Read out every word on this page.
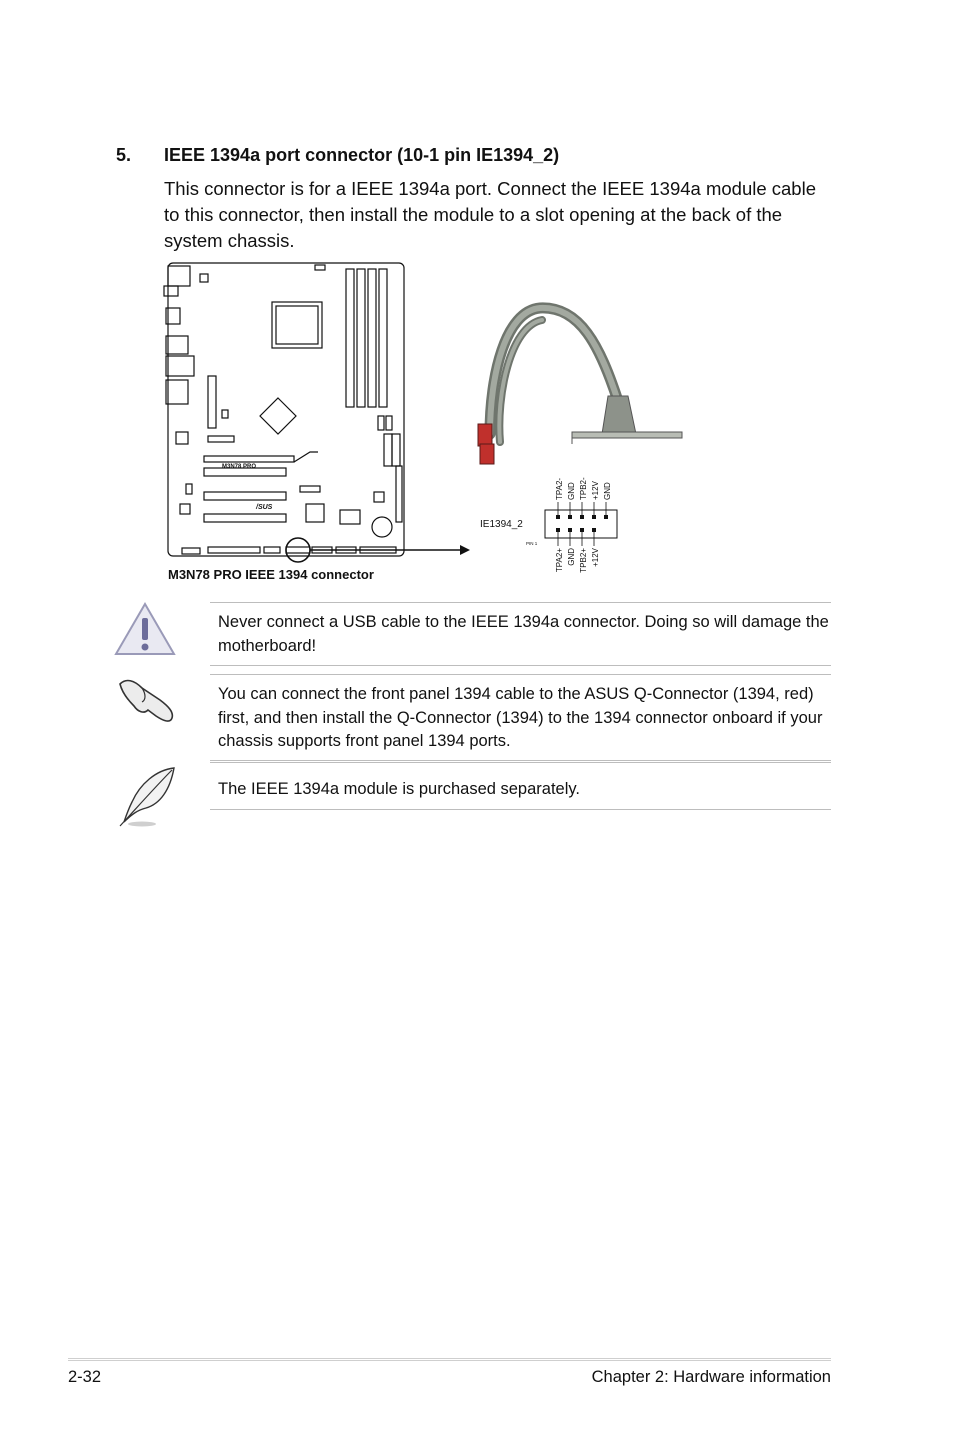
5. IEEE 1394a port connector (10-1 pin IE1394_2)
This connector is for a IEEE 1394a port. Connect the IEEE 1394a module cable to this connector, then install the module to a slot opening at the back of the system chassis.
M3N78 PRO
/SUS
M3N78 PRO IEEE 1394 connector
IE1394_2
PIN 1
TPA2- GND TPB2- +12V GND
TPA2+ GND TPB2+ +12V
Never connect a USB cable to the IEEE 1394a connector. Doing so will damage the motherboard!
You can connect the front panel 1394 cable to the ASUS Q-Connector (1394, red) first, and then install the Q-Connector (1394) to the 1394 connector onboard if your chassis supports front panel 1394 ports.
The IEEE 1394a module is purchased separately.
2-32	Chapter 2: Hardware information
